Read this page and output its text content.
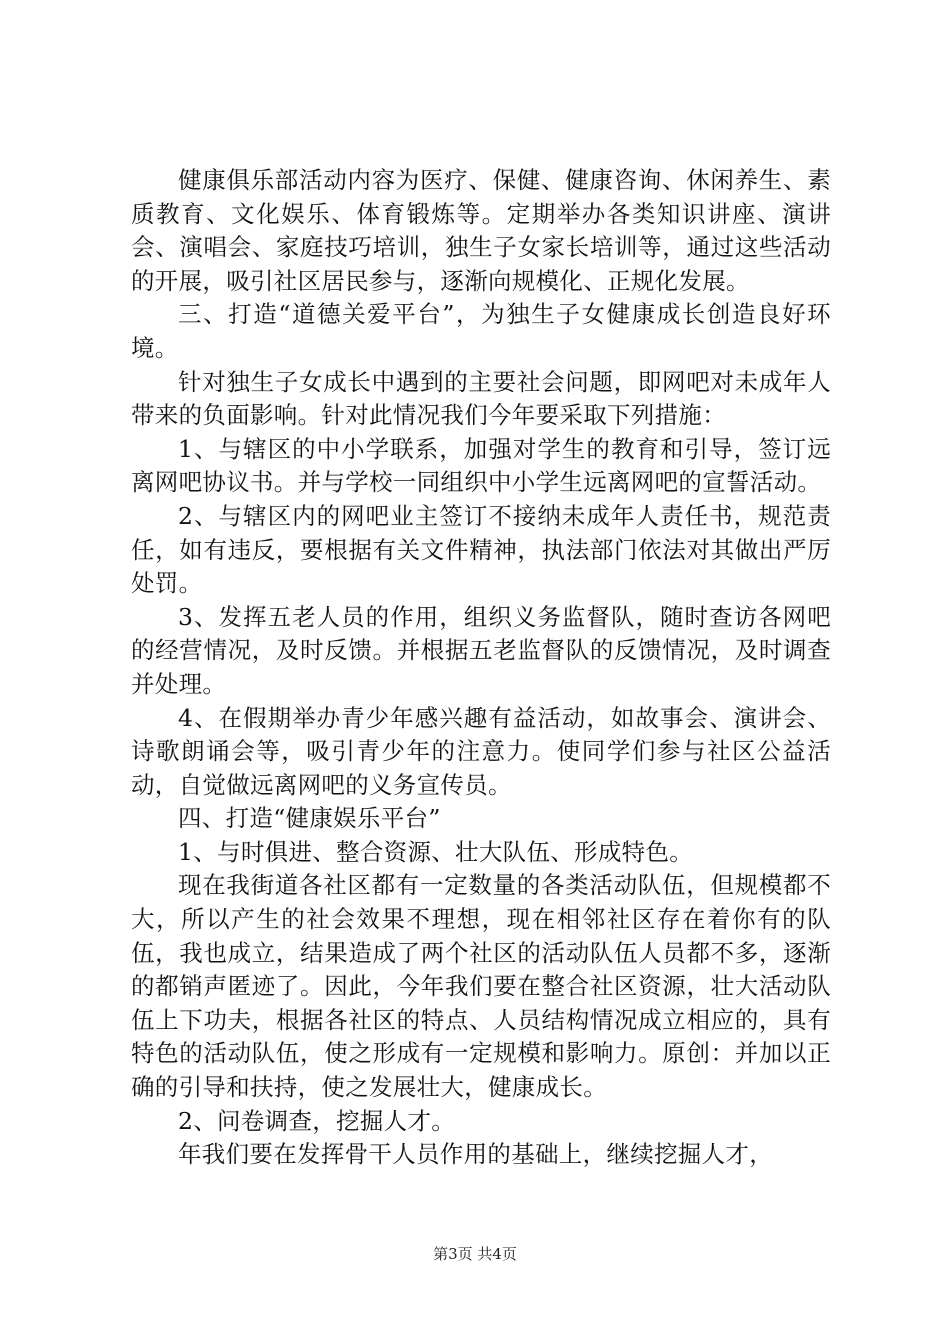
健康俱乐部活动内容为医疗、保健、健康咨询、休闲养生、素质教育、文化娱乐、体育锻炼等。定期举办各类知识讲座、演讲会、演唱会、家庭技巧培训，独生子女家长培训等，通过这些活动的开展，吸引社区居民参与，逐渐向规模化、正规化发展。

三、打造“道德关爱平台”，为独生子女健康成长创造良好环境。

针对独生子女成长中遇到的主要社会问题，即网吧对未成年人带来的负面影响。针对此情况我们今年要采取下列措施：

1、与辖区的中小学联系，加强对学生的教育和引导，签订远离网吧协议书。并与学校一同组织中小学生远离网吧的宣誓活动。

2、与辖区内的网吧业主签订不接纳未成年人责任书，规范责任，如有违反，要根据有关文件精神，执法部门依法对其做出严厉处罚。

3、发挥五老人员的作用，组织义务监督队，随时查访各网吧的经营情况，及时反馈。并根据五老监督队的反馈情况，及时调查并处理。

4、在假期举办青少年感兴趣有益活动，如故事会、演讲会、诗歌朗诵会等，吸引青少年的注意力。使同学们参与社区公益活动，自觉做远离网吧的义务宣传员。

四、打造“健康娱乐平台”

1、与时俱进、整合资源、壮大队伍、形成特色。

现在我街道各社区都有一定数量的各类活动队伍，但规模都不大，所以产生的社会效果不理想，现在相邻社区存在着你有的队伍，我也成立，结果造成了两个社区的活动队伍人员都不多，逐渐的都销声匿迹了。因此，今年我们要在整合社区资源，壮大活动队伍上下功夫，根据各社区的特点、人员结构情况成立相应的，具有特色的活动队伍，使之形成有一定规模和影响力。原创：并加以正确的引导和扶持，使之发展壮大，健康成长。

2、问卷调查，挖掘人才。

年我们要在发挥骨干人员作用的基础上，继续挖掘人才，

第3页 共4页
